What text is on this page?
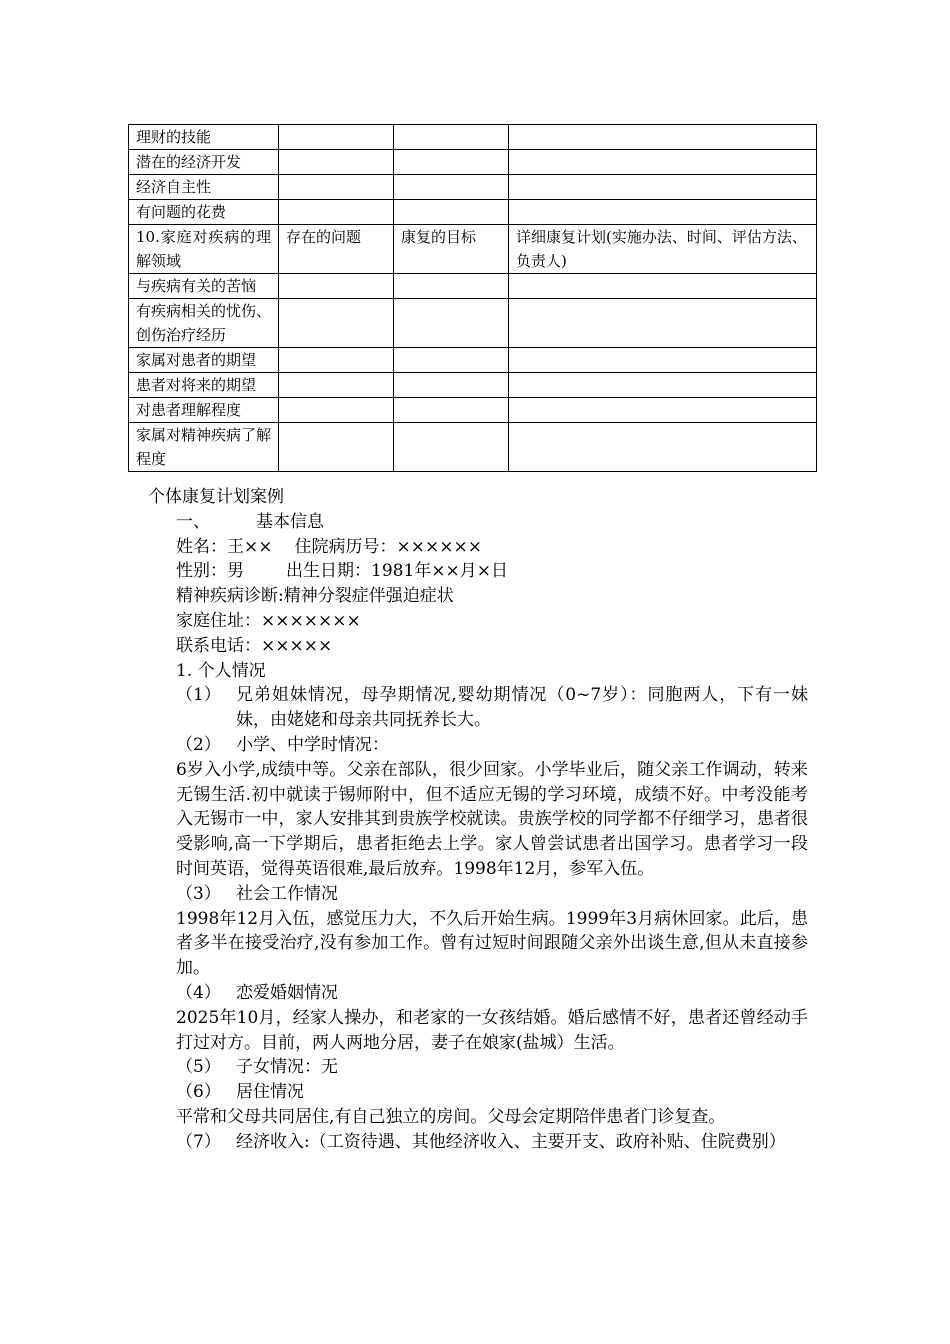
理财的技能			
潜在的经济开发			
经济自主性			
有问题的花费			
10.家庭对疾病的理解领域	存在的问题	康复的目标	详细康复计划(实施办法、时间、评估方法、负责人)
与疾病有关的苦恼			
有疾病相关的忧伤、创伤治疗经历			
家属对患者的期望			
患者对将来的期望			
对患者理解程度			
家属对精神疾病了解程度			
个体康复计划案例
一、	基本信息
姓名：王×× 住院病历号：××××××
性别：男 出生日期：1981年××月×日
精神疾病诊断:精神分裂症伴强迫症状
家庭住址：×××××××
联系电话：×××××
1. 个人情况
（1） 兄弟姐妹情况，母孕期情况,婴幼期情况（0~7岁）：同胞两人，下有一妹妹，由姥姥和母亲共同抚养长大。
（2） 小学、中学时情况：
6岁入小学,成绩中等。父亲在部队，很少回家。小学毕业后，随父亲工作调动，转来无锡生活.初中就读于锡师附中，但不适应无锡的学习环境，成绩不好。中考没能考入无锡市一中，家人安排其到贵族学校就读。贵族学校的同学都不仔细学习，患者很受影响,高一下学期后，患者拒绝去上学。家人曾尝试患者出国学习。患者学习一段时间英语，觉得英语很难,最后放弃。1998年12月，参军入伍。
（3） 社会工作情况
1998年12月入伍，感觉压力大，不久后开始生病。1999年3月病休回家。此后，患者多半在接受治疗,没有参加工作。曾有过短时间跟随父亲外出谈生意,但从未直接参加。
（4） 恋爱婚姻情况
2025年10月，经家人操办，和老家的一女孩结婚。婚后感情不好，患者还曾经动手打过对方。目前，两人两地分居，妻子在娘家(盐城）生活。
（5） 子女情况：无
（6） 居住情况
平常和父母共同居住,有自己独立的房间。父母会定期陪伴患者门诊复查。
（7） 经济收入:（工资待遇、其他经济收入、主要开支、政府补贴、住院费别）
